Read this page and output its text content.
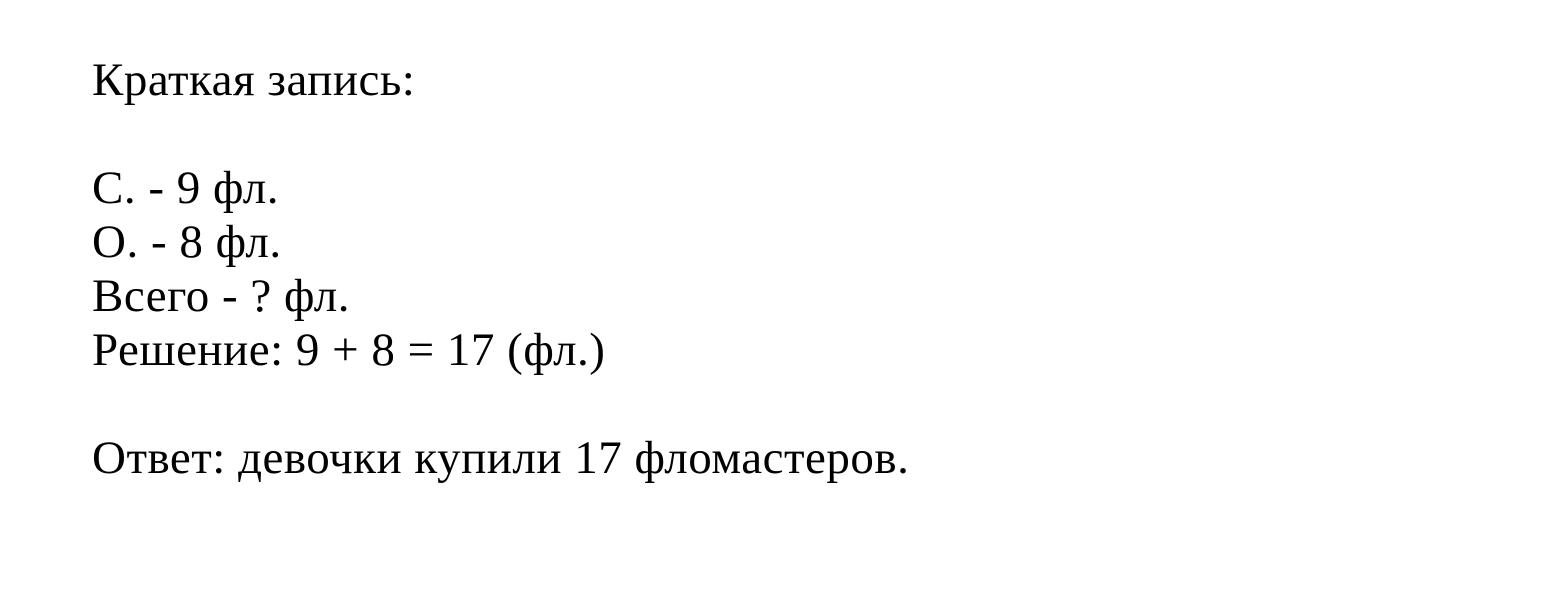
Краткая запись:

С. - 9 фл.

О. - 8 фл.

Всего - ? фл.

Решение: 9 + 8 = 17 (фл.)

Ответ: девочки купили 17 фломастеров.
